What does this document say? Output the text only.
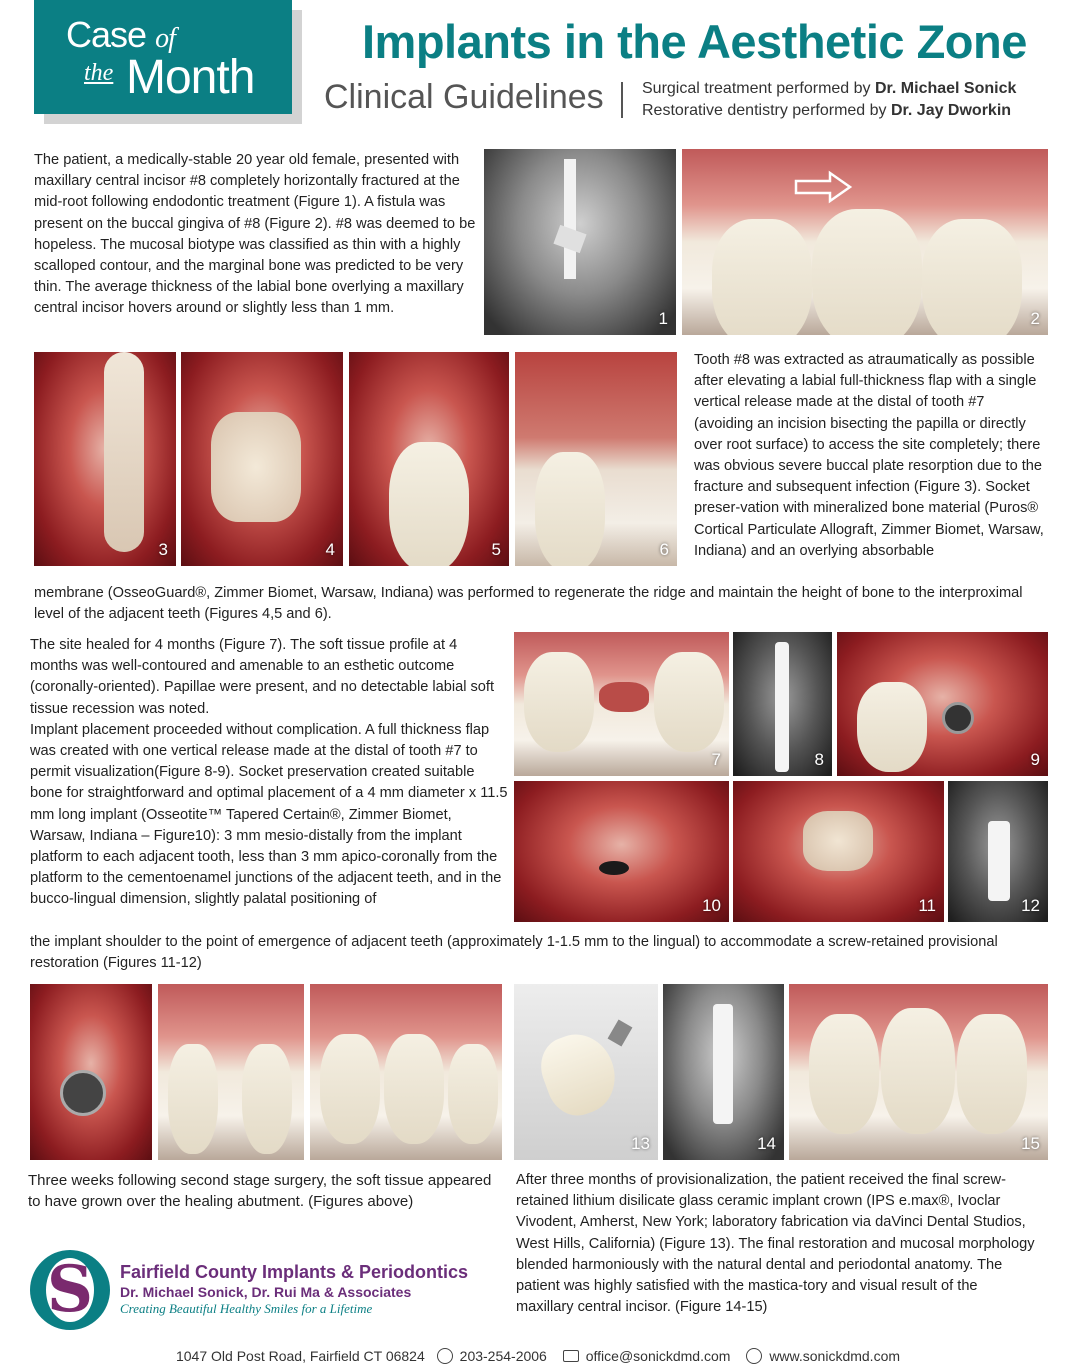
Case of
the Month
Implants in the Aesthetic Zone
Clinical Guidelines Surgical treatment performed by Dr. Michael Sonick
Restorative dentistry performed by Dr. Jay Dworkin
The patient, a medically-stable 20 year old female, presented with maxillary central incisor #8 completely horizontally fractured at the mid-root following endodontic treatment (Figure 1). A fistula was present on the buccal gingiva of #8 (Figure 2). #8 was deemed to be hopeless. The mucosal biotype was classified as thin with a highly scalloped contour, and the marginal bone was predicted to be very thin. The average thickness of the labial bone overlying a maxillary central incisor hovers around or slightly less than 1 mm.
1	2
3	4	5	6
Tooth #8 was extracted as atraumatically as possible after elevating a labial full-thickness flap with a single vertical release made at the distal of tooth #7 (avoiding an incision bisecting the papilla or directly over root surface) to access the site completely; there was obvious severe buccal plate resorption due to the fracture and subsequent infection (Figure 3). Socket preser-vation with mineralized bone material (Puros® Cortical Particulate Allograft, Zimmer Biomet, Warsaw, Indiana) and an overlying absorbable
membrane (OsseoGuard®, Zimmer Biomet, Warsaw, Indiana) was performed to regenerate the ridge and maintain the height of bone to the interproximal level of the adjacent teeth (Figures 4,5 and 6).
The site healed for 4 months (Figure 7). The soft tissue profile at 4 months was well-contoured and amenable to an esthetic outcome (coronally-oriented). Papillae were present, and no detectable labial soft tissue recession was noted.
Implant placement proceeded without complication. A full thickness flap was created with one vertical release made at the distal of tooth #7 to permit visualization(Figure 8-9). Socket preservation created suitable bone for straightforward and optimal placement of a 4 mm diameter x 11.5 mm long implant (Osseotite™ Tapered Certain®, Zimmer Biomet, Warsaw, Indiana – Figure10): 3 mm mesio-distally from the implant platform to each adjacent tooth, less than 3 mm apico-coronally from the platform to the cementoenamel junctions of the adjacent teeth, and in the bucco-lingual dimension, slightly palatal positioning of
the implant shoulder to the point of emergence of adjacent teeth (approximately 1-1.5 mm to the lingual) to accommodate a screw-retained provisional restoration (Figures 11-12)
7	8	9
10	11	12
13	14	15
Three weeks following second stage surgery, the soft tissue appeared to have grown over the healing abutment. (Figures above)
After three months of provisionalization, the patient received the final screw-retained lithium disilicate glass ceramic implant crown (IPS e.max®, Ivoclar Vivodent, Amherst, New York; laboratory fabrication via daVinci Dental Studios, West Hills, California) (Figure 13). The final restoration and mucosal morphology blended harmoniously with the natural dental and periodontal anatomy. The patient was highly satisfied with the mastica-tory and visual result of the maxillary central incisor. (Figure 14-15)
S	Fairfield County Implants & Periodontics
Dr. Michael Sonick, Dr. Rui Ma & Associates
Creating Beautiful Healthy Smiles for a Lifetime
1047 Old Post Road, Fairfield CT 06824 203-254-2006	office@sonickdmd.com	www.sonickdmd.com
